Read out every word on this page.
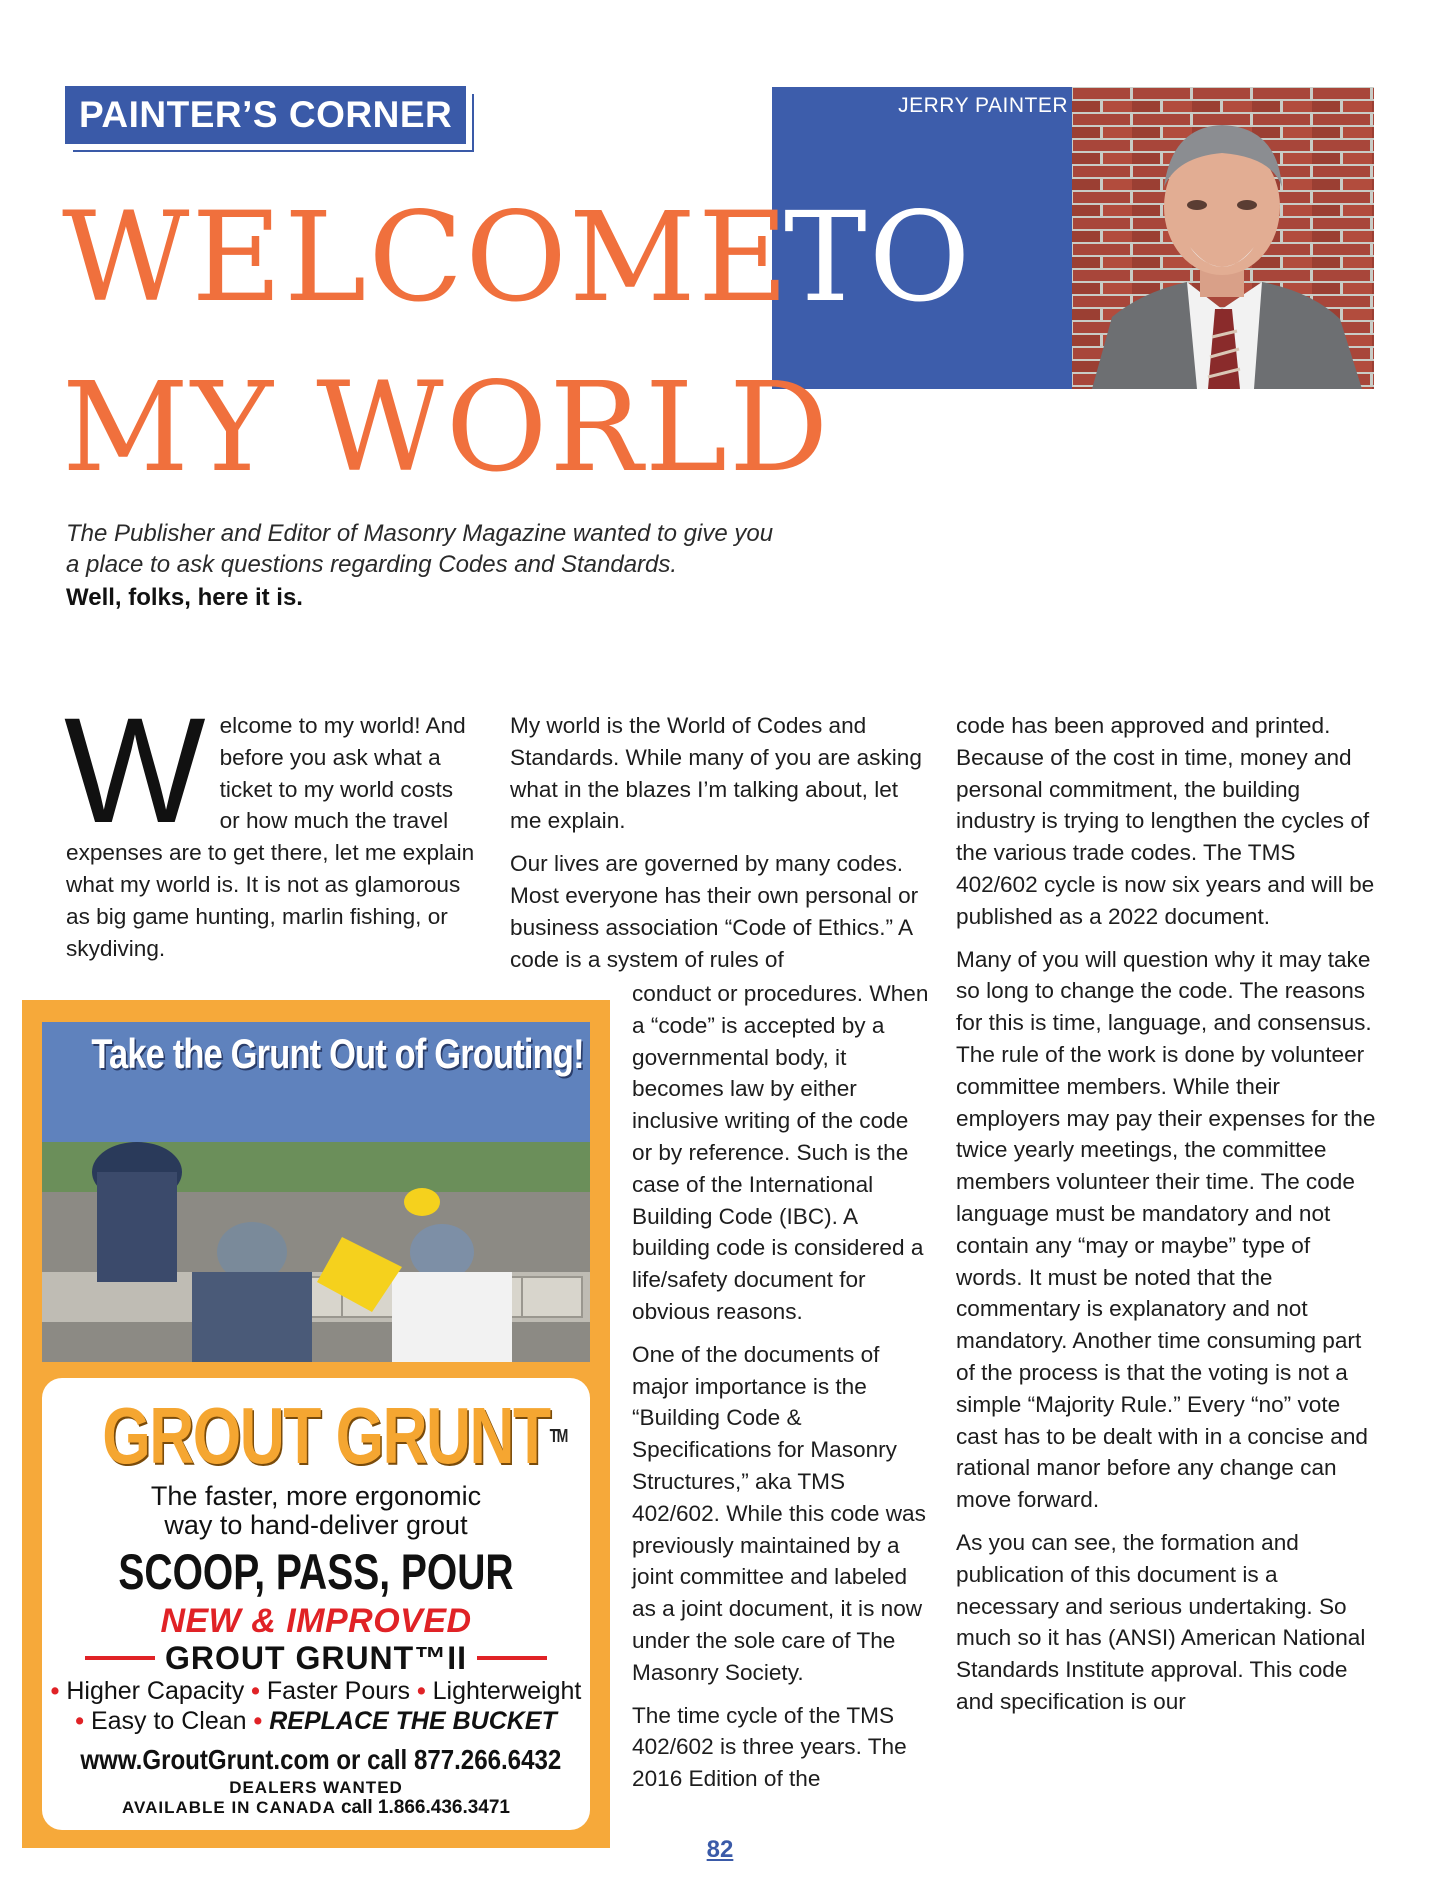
PAINTER’S CORNER	JERRY PAINTER
WELCOME
TO
MY WORLD
The Publisher and Editor of Masonry Magazine wanted to give you a place to ask questions regarding Codes and Standards.
Well, folks, here it is.

Welcome to my world! And before you ask what a ticket to my world costs or how much the travel expenses are to get there, let me explain what my world is. It is not as glamorous as big game hunting, marlin fishing, or skydiving.

My world is the World of Codes and Standards. While many of you are asking what in the blazes I’m talking about, let me explain.

Our lives are governed by many codes. Most everyone has their own personal or business association “Code of Ethics.” A code is a system of rules of

conduct or procedures. When a “code” is accepted by a governmental body, it becomes law by either inclusive writing of the code or by reference. Such is the case of the International Building Code (IBC). A building code is considered a life/safety document for obvious reasons.

One of the documents of major importance is the “Building Code & Specifications for Masonry Structures,” aka TMS 402/602. While this code was previously maintained by a joint committee and labeled as a joint document, it is now under the sole care of The Masonry Society.

The time cycle of the TMS 402/602 is three years. The 2016 Edition of the

code has been approved and printed. Because of the cost in time, money and personal commitment, the building industry is trying to lengthen the cycles of the various trade codes. The TMS 402/602 cycle is now six years and will be published as a 2022 document.

Many of you will question why it may take so long to change the code. The reasons for this is time, language, and consensus. The rule of the work is done by volunteer committee members. While their employers may pay their expenses for the twice yearly meetings, the committee members volunteer their time. The code language must be mandatory and not contain any “may or maybe” type of words. It must be noted that the commentary is explanatory and not mandatory. Another time consuming part of the process is that the voting is not a simple “Majority Rule.” Every “no” vote cast has to be dealt with in a concise and rational manor before any change can move forward.

As you can see, the formation and publication of this document is a necessary and serious undertaking. So much so it has (ANSI) American National Standards Institute approval. This code and specification is our

Take the Grunt Out of Grouting!
GROUT GRUNT™
The faster, more ergonomic
way to hand-deliver grout
SCOOP, PASS, POUR
NEW & IMPROVED
GROUT GRUNT™II
• Higher Capacity • Faster Pours • Lighterweight
• Easy to Clean • REPLACE THE BUCKET
www.GroutGrunt.com or call 877.266.6432
DEALERS WANTED
AVAILABLE IN CANADA call 1.866.436.3471
82
